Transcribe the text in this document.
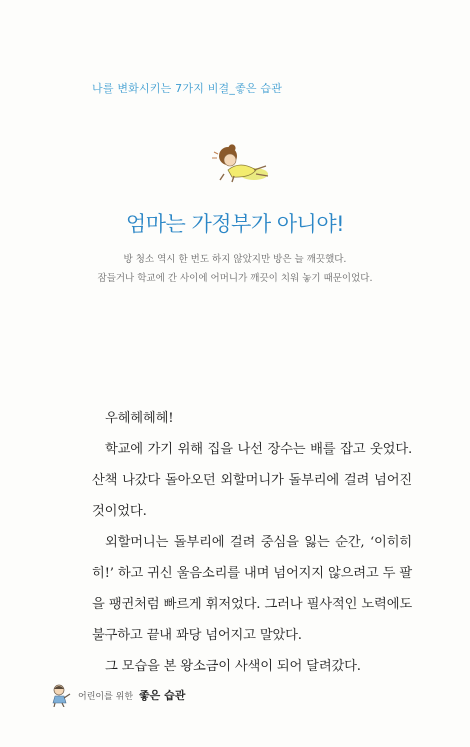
나를 변화시키는 7가지 비결_좋은 습관
엄마는 가정부가 아니야!
방 청소 역시 한 번도 하지 않았지만 방은 늘 깨끗했다.
잠들거나 학교에 간 사이에 어머니가 깨끗이 치워 놓기 때문이었다.

우헤헤헤헤!

학교에 가기 위해 집을 나선 장수는 배를 잡고 웃었다. 산책 나갔다 돌아오던 외할머니가 돌부리에 걸려 넘어진 것이었다.

외할머니는 돌부리에 걸려 중심을 잃는 순간, ‘이히히히!’ 하고 귀신 울음소리를 내며 넘어지지 않으려고 두 팔을 팽귄처럼 빠르게 휘저었다. 그러나 필사적인 노력에도 불구하고 끝내 꽈당 넘어지고 말았다.

그 모습을 본 왕소금이 사색이 되어 달려갔다.

어린이를 위한 좋은 습관
